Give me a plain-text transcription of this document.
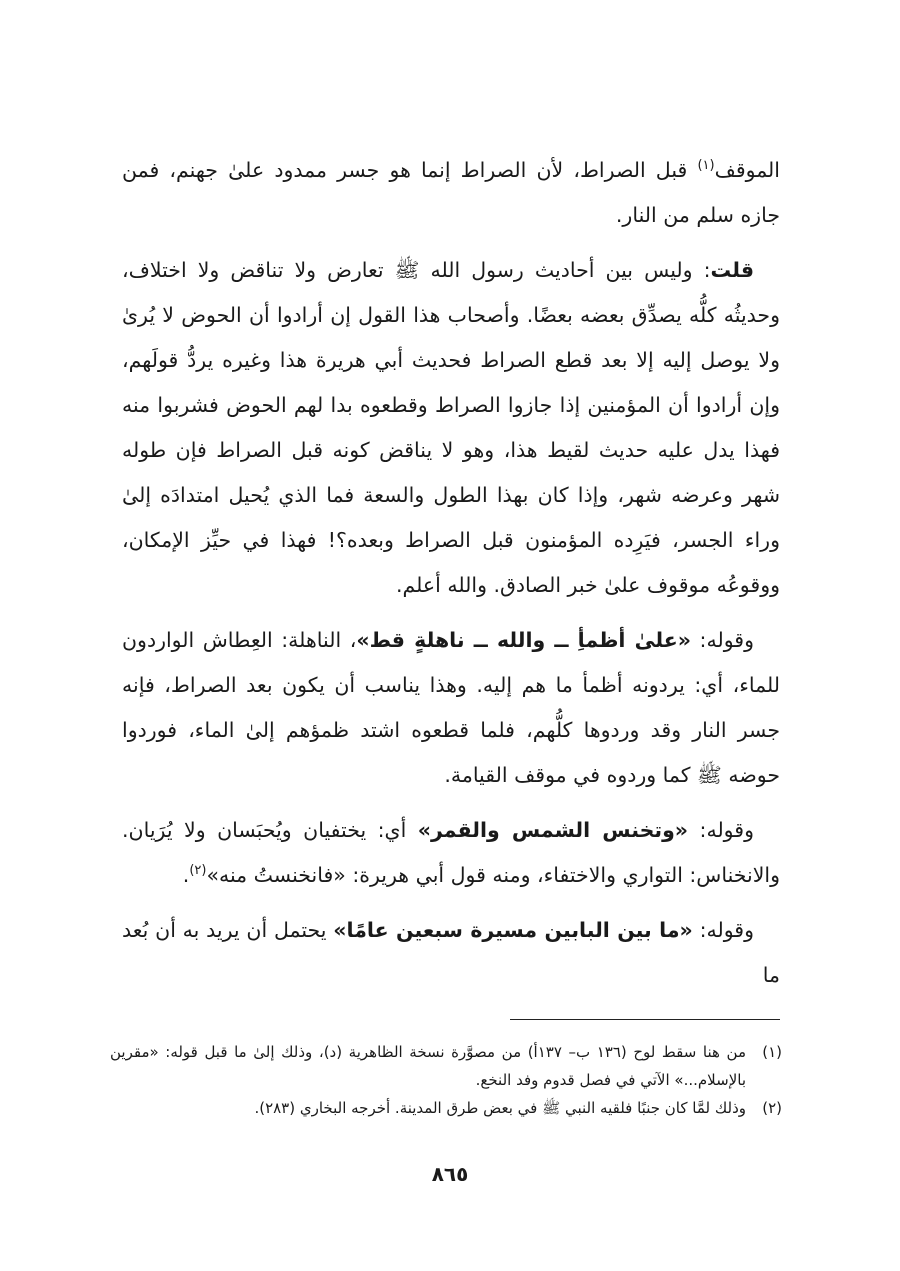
الموقف$^{(١)}$ قبل الصراط، لأن الصراط إنما هو جسر ممدود علىٰ جهنم، فمن جازه سلم من النار.

قلت: وليس بين أحاديث رسول الله ﷺ تعارض ولا تناقض ولا اختلاف، وحديثُه كلُّه يصدِّق بعضه بعضًا. وأصحاب هذا القول إن أرادوا أن الحوض لا يُرىٰ ولا يوصل إليه إلا بعد قطع الصراط فحديث أبي هريرة هذا وغيره يردُّ قولَهم، وإن أرادوا أن المؤمنين إذا جازوا الصراط وقطعوه بدا لهم الحوض فشربوا منه فهذا يدل عليه حديث لقيط هذا، وهو لا يناقض كونه قبل الصراط فإن طوله شهر وعرضه شهر، وإذا كان بهذا الطول والسعة فما الذي يُحيل امتدادَه إلىٰ وراء الجسر، فيَرِده المؤمنون قبل الصراط وبعده؟! فهذا في حيِّز الإمكان، ووقوعُه موقوف علىٰ خبر الصادق. والله أعلم.

وقوله: «علىٰ أظمأِ ــ والله ــ ناهلةٍ قط»، الناهلة: العِطاش الواردون للماء، أي: يردونه أظمأ ما هم إليه. وهذا يناسب أن يكون بعد الصراط، فإنه جسر النار وقد وردوها كلُّهم، فلما قطعوه اشتد ظمؤهم إلىٰ الماء، فوردوا حوضه ﷺ كما وردوه في موقف القيامة.

وقوله: «وتخنس الشمس والقمر» أي: يختفيان ويُحبَسان ولا يُرَيان. والانخناس: التواري والاختفاء، ومنه قول أبي هريرة: «فانخنستُ منه»$^{(٢)}$.

وقوله: «ما بين البابين مسيرة سبعين عامًا» يحتمل أن يريد به أن بُعد ما

(١)
من هنا سقط لوح (١٣٦ ب– ١٣٧أ) من مصوَّرة نسخة الظاهرية (د)، وذلك إلىٰ ما قبل قوله: «مقرين بالإسلام...» الآتي في فصل قدوم وفد النخع.

(٢)
وذلك لمَّا كان جنبًا فلقيه النبي ﷺ في بعض طرق المدينة. أخرجه البخاري (٢٨٣).

٨٦٥
